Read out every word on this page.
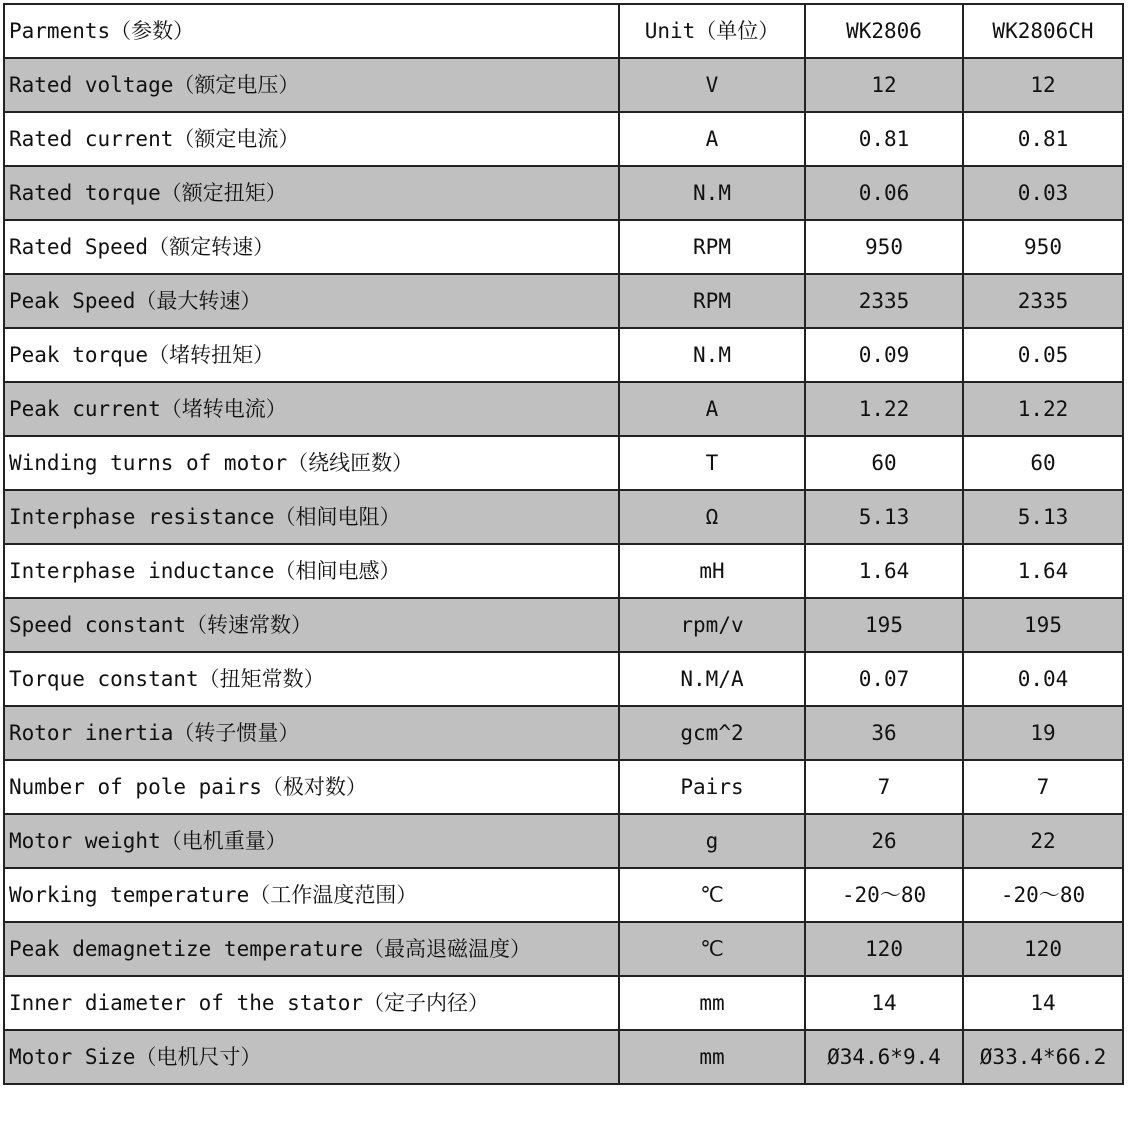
Parments（参数）	Unit（单位）	WK2806	WK2806CH
Rated voltage（额定电压）	V	12	12
Rated current（额定电流）	A	0.81	0.81
Rated torque（额定扭矩）	N.M	0.06	0.03
Rated Speed（额定转速）	RPM	950	950
Peak Speed（最大转速）	RPM	2335	2335
Peak torque（堵转扭矩）	N.M	0.09	0.05
Peak current（堵转电流）	A	1.22	1.22
Winding turns of motor（绕线匝数）	T	60	60
Interphase resistance（相间电阻）	Ω	5.13	5.13
Interphase inductance（相间电感）	mH	1.64	1.64
Speed constant（转速常数）	rpm/v	195	195
Torque constant（扭矩常数）	N.M/A	0.07	0.04
Rotor inertia（转子惯量）	gcm^2	36	19
Number of pole pairs（极对数）	Pairs	7	7
Motor weight（电机重量）	g	26	22
Working temperature（工作温度范围）	℃	-20～80	-20～80
Peak demagnetize temperature（最高退磁温度）	℃	120	120
Inner diameter of the stator（定子内径）	mm	14	14
Motor Size（电机尺寸）	mm	Ø34.6*9.4	Ø33.4*66.2
